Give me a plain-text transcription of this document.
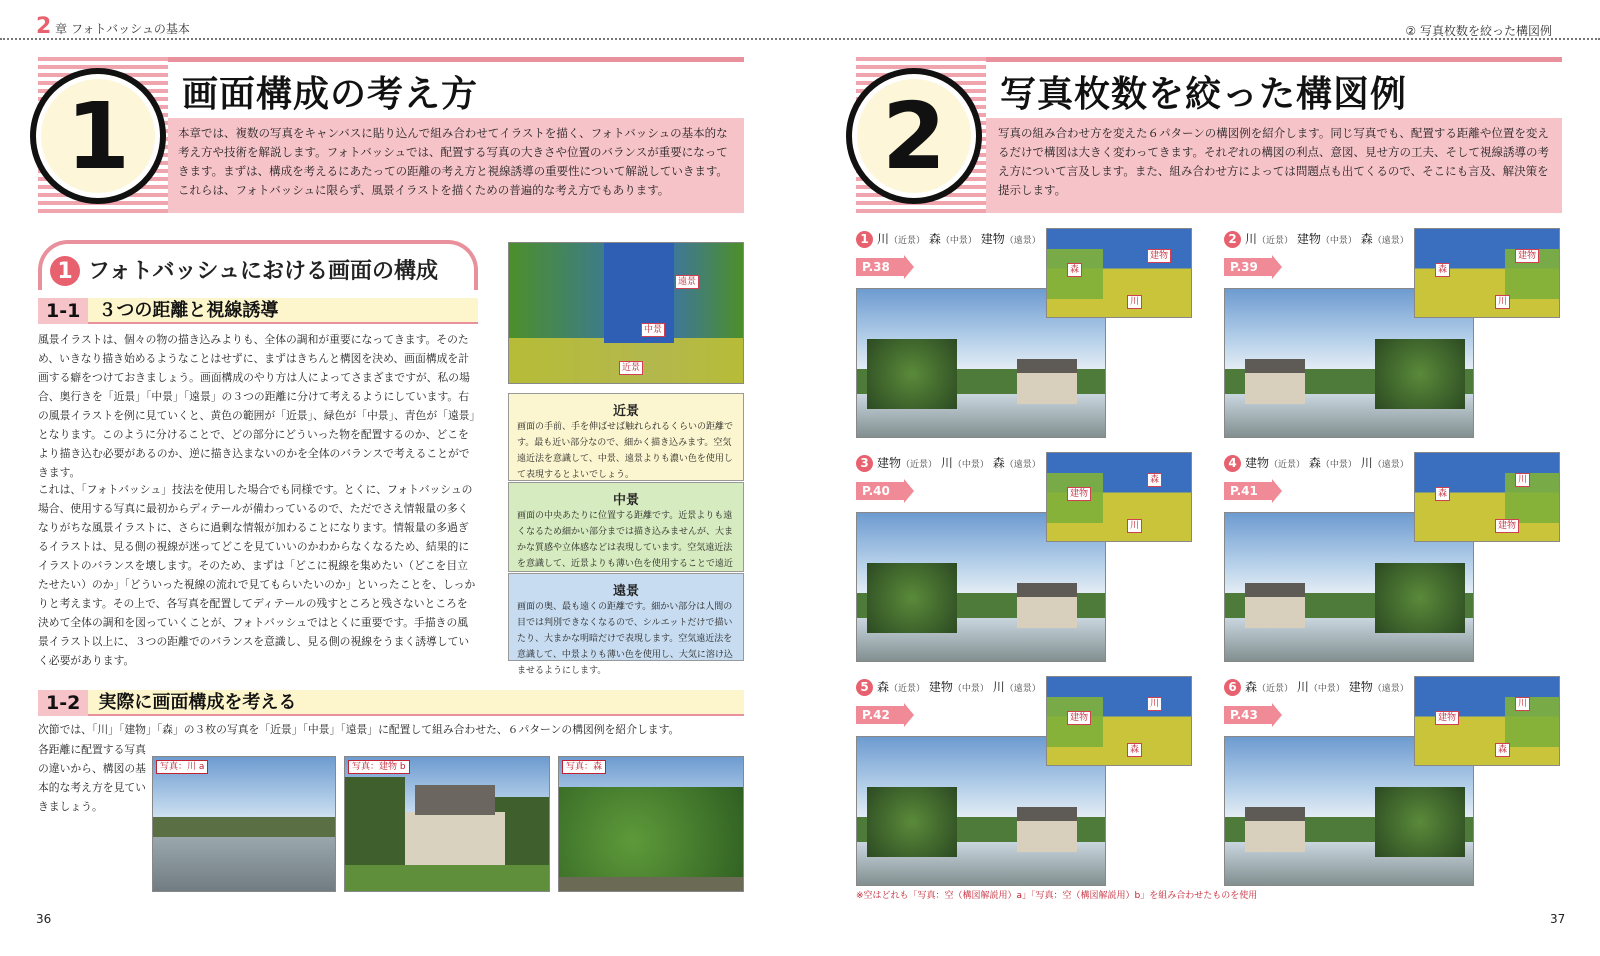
2 章 フォトバッシュの基本	② 写真枚数を絞った構図例
1	画面構成の考え方
本章では、複数の写真をキャンバスに貼り込んで組み合わせてイラストを描く、フォトバッシュの基本的な考え方や技術を解説します。フォトバッシュでは、配置する写真の大きさや位置のバランスが重要になってきます。まずは、構成を考えるにあたっての距離の考え方と視線誘導の重要性について解説していきます。これらは、フォトバッシュに限らず、風景イラストを描くための普遍的な考え方でもあります。
1 フォトバッシュにおける画面の構成
1-1	３つの距離と視線誘導
風景イラストは、個々の物の描き込みよりも、全体の調和が重要になってきます。そのため、いきなり描き始めるようなことはせずに、まずはきちんと構図を決め、画面構成を計画する癖をつけておきましょう。画面構成のやり方は人によってさまざまですが、私の場合、奥行きを「近景」「中景」「遠景」の３つの距離に分けて考えるようにしています。右の風景イラストを例に見ていくと、黄色の範囲が「近景」、緑色が「中景」、青色が「遠景」となります。このように分けることで、どの部分にどういった物を配置するのか、どこをより描き込む必要があるのか、逆に描き込まないのかを全体のバランスで考えることができます。
これは、「フォトバッシュ」技法を使用した場合でも同様です。とくに、フォトバッシュの場合、使用する写真に最初からディテールが備わっているので、ただでさえ情報量の多くなりがちな風景イラストに、さらに過剰な情報が加わることになります。情報量の多過ぎるイラストは、見る側の視線が迷ってどこを見ていいのかわからなくなるため、結果的にイラストのバランスを壊します。そのため、まずは「どこに視線を集めたい（どこを目立たせたい）のか」「どういった視線の流れで見てもらいたいのか」といったことを、しっかりと考えます。その上で、各写真を配置してディテールの残すところと残さないところを決めて全体の調和を図っていくことが、フォトバッシュではとくに重要です。手描きの風景イラスト以上に、３つの距離でのバランスを意識し、見る側の視線をうまく誘導していく必要があります。
遠景
中景
近景
近景
画面の手前、手を伸ばせば触れられるくらいの距離です。最も近い部分なので、細かく描き込みます。空気遠近法を意識して、中景、遠景よりも濃い色を使用して表現するとよいでしょう。
中景
画面の中央あたりに位置する距離です。近景よりも遠くなるため細かい部分までは描き込みませんが、大まかな質感や立体感などは表現しています。空気遠近法を意識して、近景よりも薄い色を使用することで遠近
遠景
画面の奥、最も遠くの距離です。細かい部分は人間の目では判別できなくなるので、シルエットだけで描いたり、大まかな明暗だけで表現します。空気遠近法を意識して、中景よりも薄い色を使用し、大気に溶け込ませるようにします。
1-2	実際に画面構成を考える
次節では、「川」「建物」「森」の３枚の写真を「近景」「中景」「遠景」に配置して組み合わせた、６パターンの構図例を紹介します。
各距離に配置する写真の違いから、構図の基本的な考え方を見ていきましょう。
写真：川 a	写真：建物 b	写真：森
36
2	写真枚数を絞った構図例
写真の組み合わせ方を変えた６パターンの構図例を紹介します。同じ写真でも、配置する距離や位置を変えるだけで構図は大きく変わってきます。それぞれの構図の利点、意図、見せ方の工夫、そして視線誘導の考え方について言及します。また、組み合わせ方によっては問題点も出てくるので、そこにも言及、解決策を提示します。
1 川（近景） 森（中景） 建物（遠景）
P.38	森
建物
川
2 川（近景） 建物（中景） 森（遠景）
P.39	森
建物
川
3 建物（近景） 川（中景） 森（遠景）
P.40	建物
森
川
4 建物（近景） 森（中景） 川（遠景）
P.41	森
川
建物
5 森（近景） 建物（中景） 川（遠景）
P.42	建物
川
森
6 森（近景） 川（中景） 建物（遠景）
P.43	建物
川
森
※空はどれも「写真：空（構図解説用）a」「写真：空（構図解説用）b」を組み合わせたものを使用
37
